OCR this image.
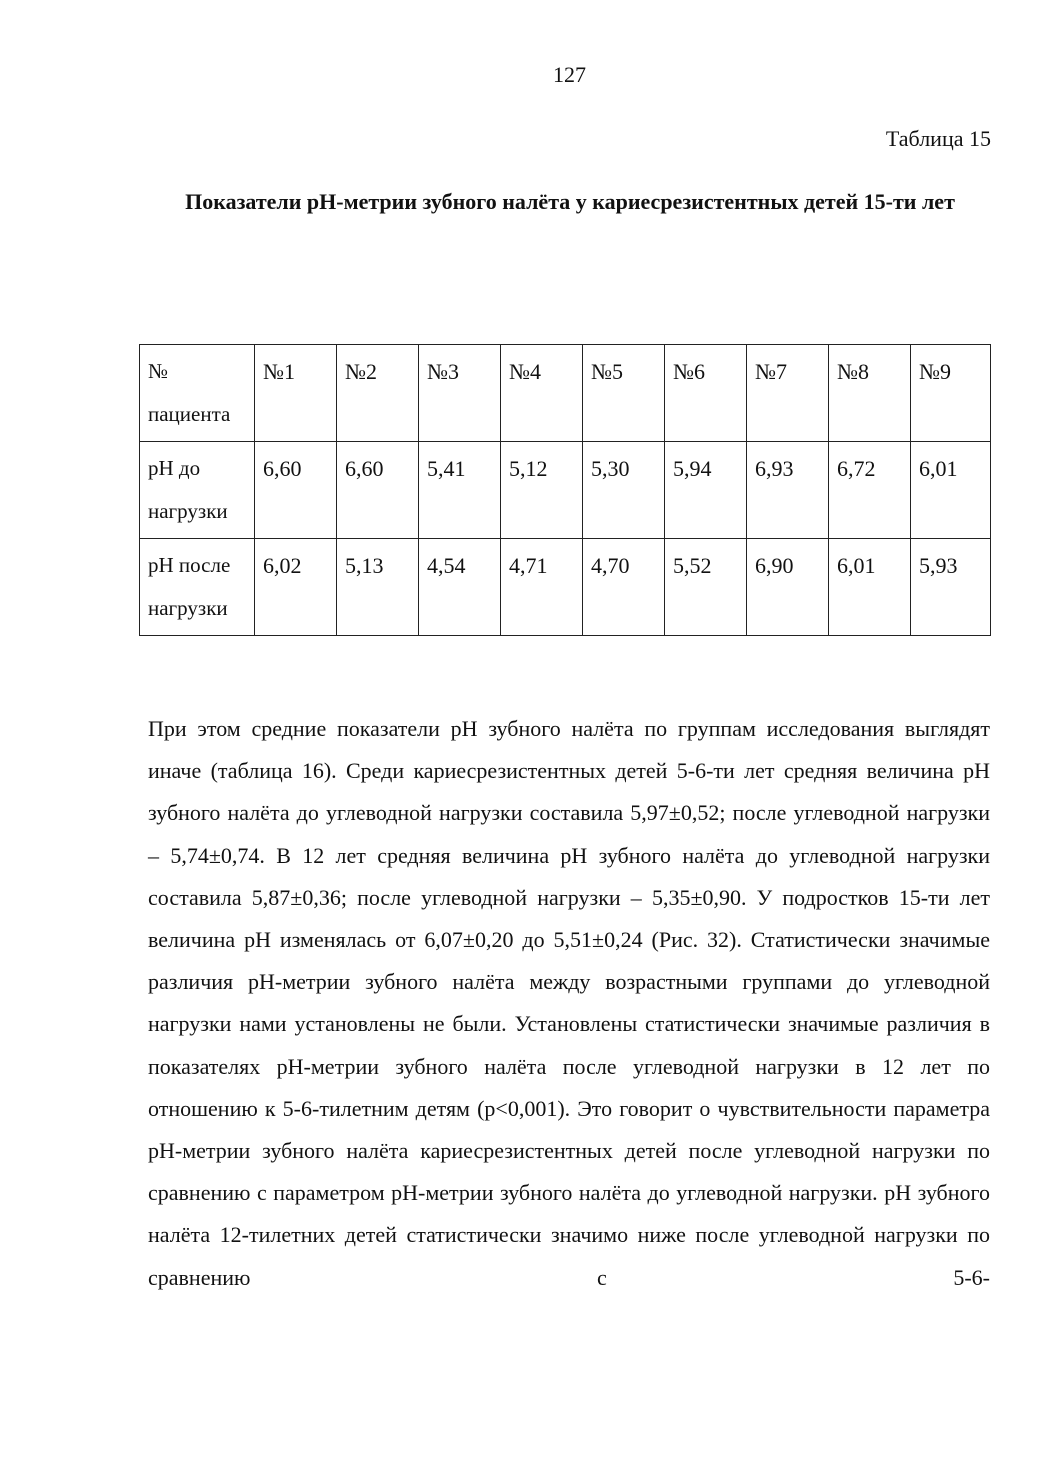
127
Таблица 15
Показатели pH-метрии зубного налёта у кариесрезистентных детей 15-ти лет
№ пациента	№1	№2	№3	№4	№5	№6	№7	№8	№9
pH до нагрузки	6,60	6,60	5,41	5,12	5,30	5,94	6,93	6,72	6,01
pH после нагрузки	6,02	5,13	4,54	4,71	4,70	5,52	6,90	6,01	5,93

При этом средние показатели pH зубного налёта по группам исследования выглядят иначе (таблица 16). Среди кариесрезистентных детей 5-6-ти лет средняя величина pH зубного налёта до углеводной нагрузки составила 5,97±0,52; после углеводной нагрузки – 5,74±0,74. В 12 лет средняя величина pH зубного налёта до углеводной нагрузки составила 5,87±0,36; после углеводной нагрузки – 5,35±0,90. У подростков 15-ти лет величина pH изменялась от 6,07±0,20 до 5,51±0,24 (Рис. 32). Статистически значимые различия pH-метрии зубного налёта между возрастными группами до углеводной нагрузки нами установлены не были. Установлены статистически значимые различия в показателях pH-метрии зубного налёта после углеводной нагрузки в 12 лет по отношению к 5-6-тилетним детям (p<0,001). Это говорит о чувствительности параметра pH-метрии зубного налёта кариесрезистентных детей после углеводной нагрузки по сравнению с параметром pH-метрии зубного налёта до углеводной нагрузки. pH зубного налёта 12-тилетних детей статистически значимо ниже после углеводной нагрузки по сравнению с 5-6-
